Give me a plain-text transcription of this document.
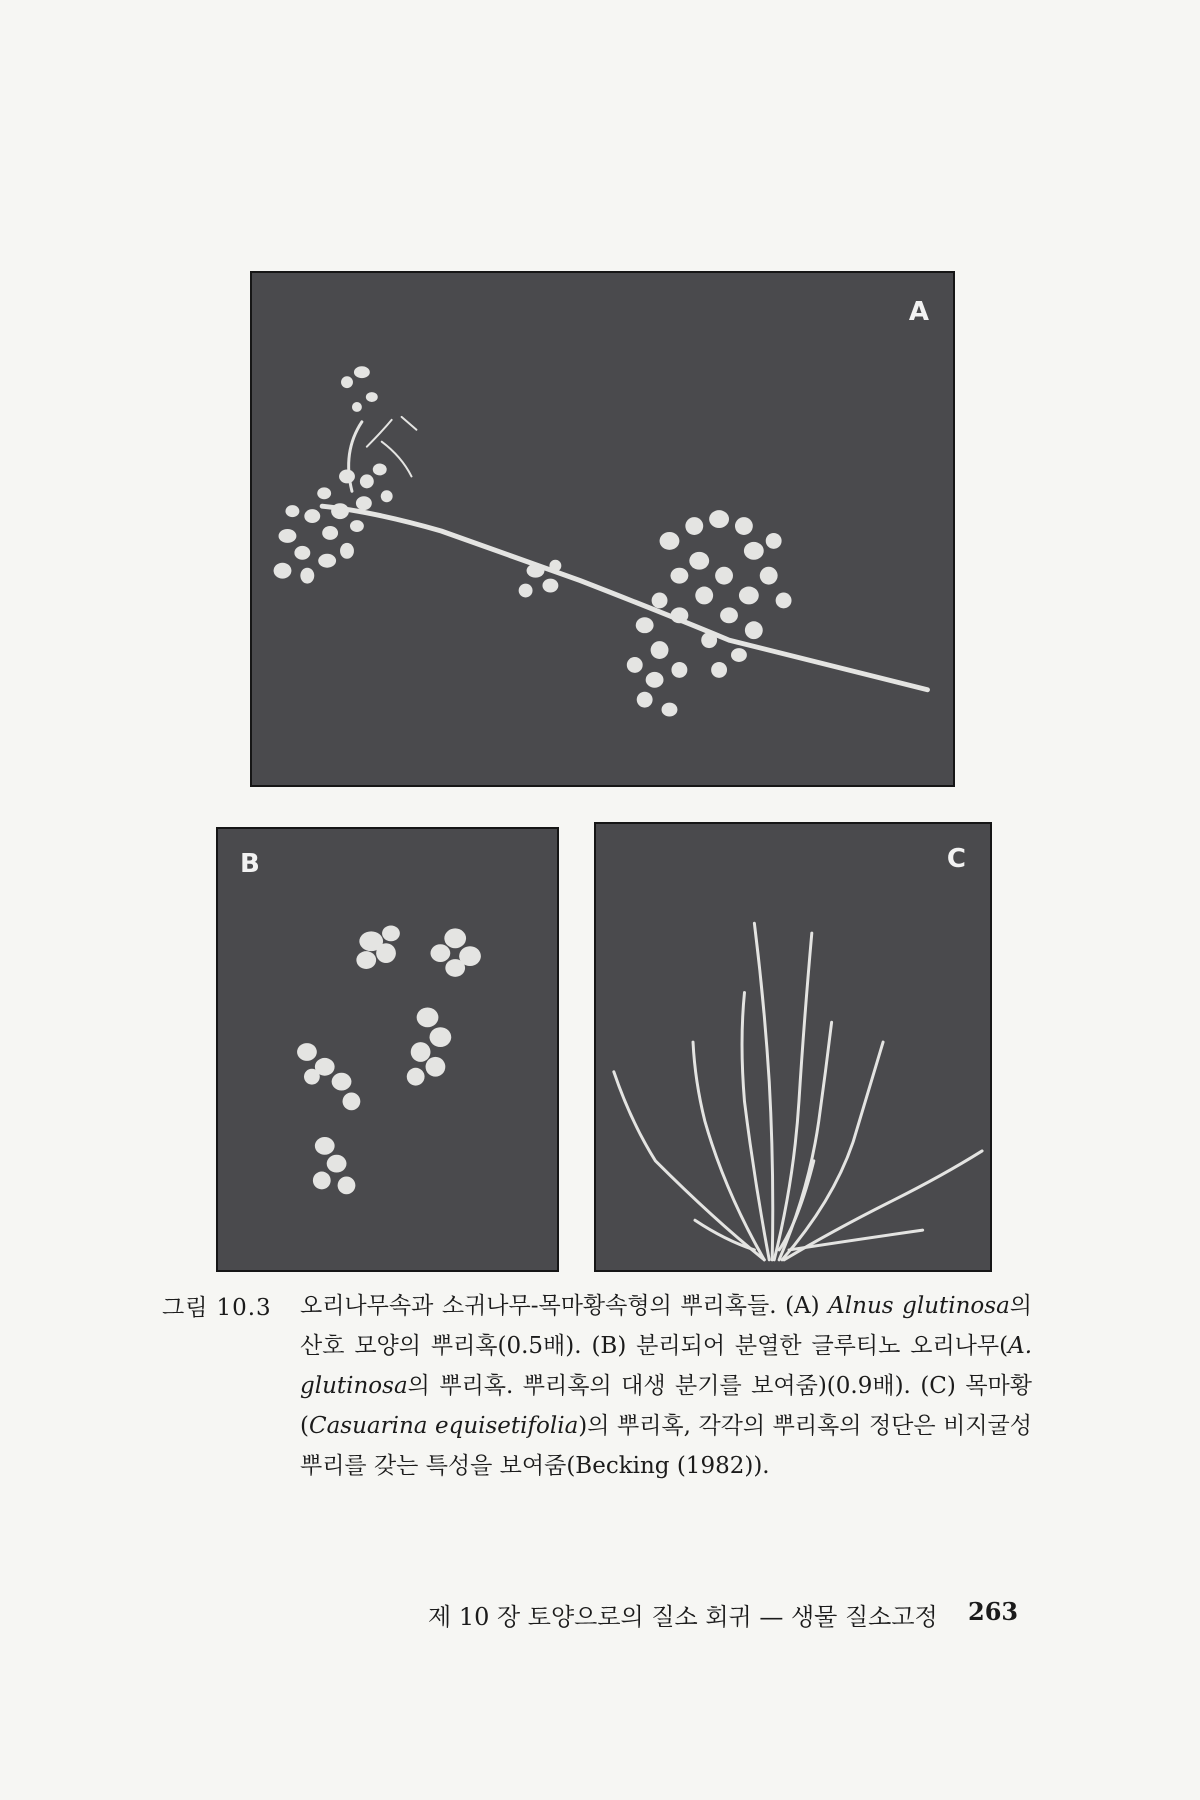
A
B	C
그림 10.3 오리나무속과 소귀나무-목마황속형의 뿌리혹들. (A) Alnus glutinosa의 산호 모양의 뿌리혹(0.5배). (B) 분리되어 분열한 글루티노 오리나무(A. glutinosa의 뿌리혹. 뿌리혹의 대생 분기를 보여줌)(0.9배). (C) 목마황(Casuarina equisetifolia)의 뿌리혹, 각각의 뿌리혹의 정단은 비지굴성 뿌리를 갖는 특성을 보여줌(Becking (1982)).
제 10 장 토양으로의 질소 회귀 — 생물 질소고정 263
